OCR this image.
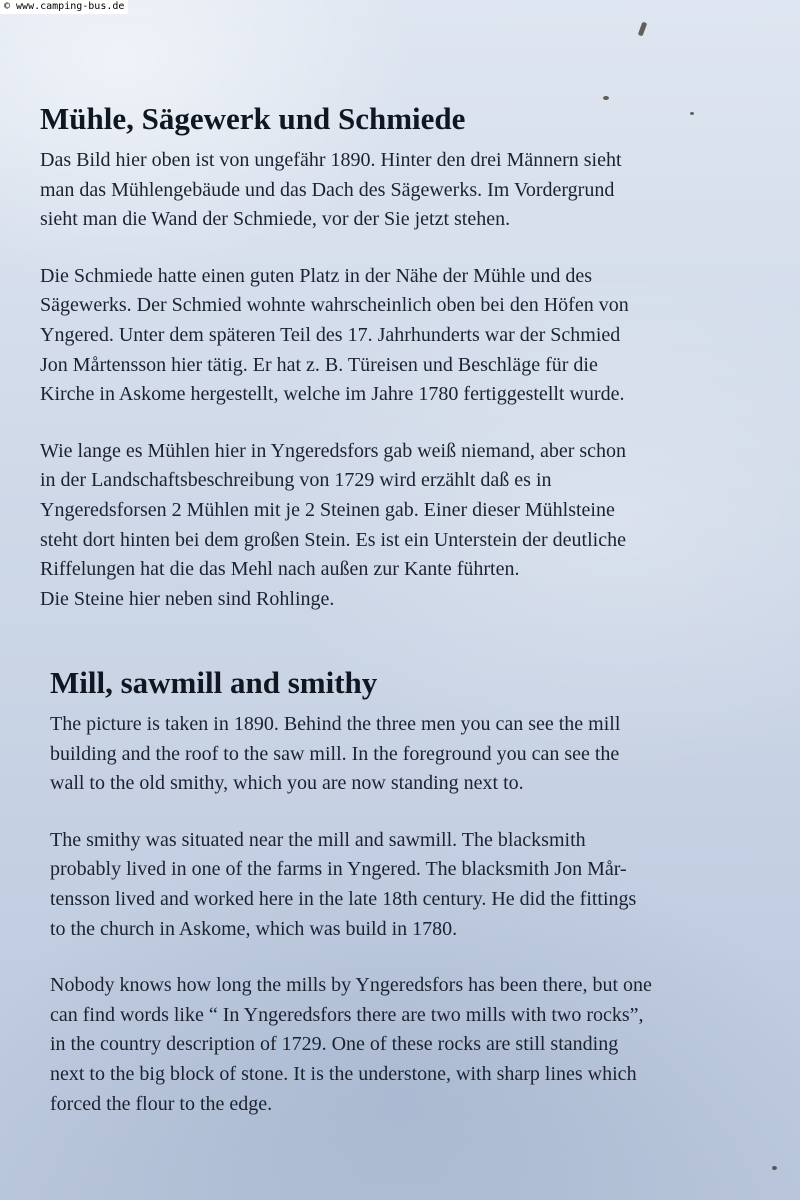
© www.camping-bus.de
Mühle, Sägewerk und Schmiede
Das Bild hier oben ist von ungefähr 1890. Hinter den drei Männern sieht
man das Mühlengebäude und das Dach des Sägewerks. Im Vordergrund
sieht man die Wand der Schmiede, vor der Sie jetzt stehen.
Die Schmiede hatte einen guten Platz in der Nähe der Mühle und des
Sägewerks. Der Schmied wohnte wahrscheinlich oben bei den Höfen von
Yngered. Unter dem späteren Teil des 17. Jahrhunderts war der Schmied
Jon Mårtensson hier tätig. Er hat z. B. Türeisen und Beschläge für die
Kirche in Askome hergestellt, welche im Jahre 1780 fertiggestellt wurde.
Wie lange es Mühlen hier in Yngeredsfors gab weiß niemand, aber schon
in der Landschaftsbeschreibung von 1729 wird erzählt daß es in
Yngeredsforsen 2 Mühlen mit je 2 Steinen gab. Einer dieser Mühlsteine
steht dort hinten bei dem großen Stein. Es ist ein Unterstein der deutliche
Riffelungen hat die das Mehl nach außen zur Kante führten.
Die Steine hier neben sind Rohlinge.
Mill, sawmill and smithy
The picture is taken in 1890. Behind the three men you can see the mill
building and the roof to the saw mill. In the foreground you can see the
wall to the old smithy, which you are now standing next to.
The smithy was situated near the mill and sawmill. The blacksmith
probably lived in one of the farms in Yngered. The blacksmith Jon Mår-
tensson lived and worked here in the late 18th century. He did the fittings
to the church in Askome, which was build in 1780.
Nobody knows how long the mills by Yngeredsfors has been there, but one
can find words like “ In Yngeredsfors there are two mills with two rocks”,
in the country description of 1729. One of these rocks are still standing
next to the big block of stone. It is the understone, with sharp lines which
forced the flour to the edge.
